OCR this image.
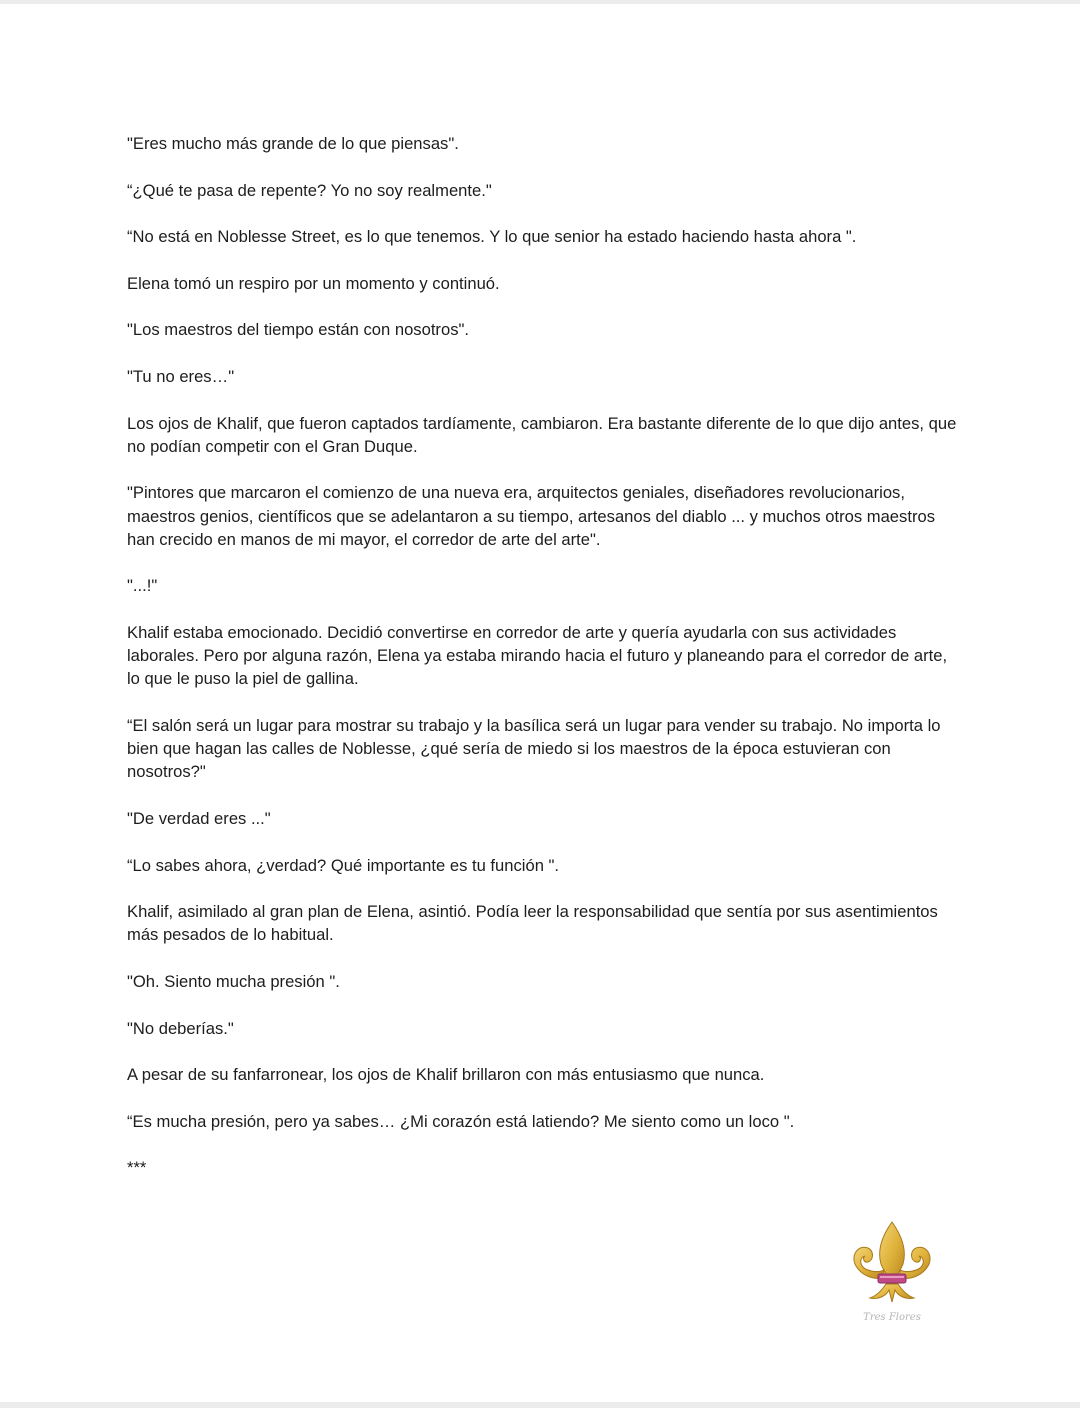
"Eres mucho más grande de lo que piensas".

“¿Qué te pasa de repente? Yo no soy realmente."

“No está en Noblesse Street, es lo que tenemos. Y lo que senior ha estado haciendo hasta ahora ".

Elena tomó un respiro por un momento y continuó.

"Los maestros del tiempo están con nosotros".

"Tu no eres…"

Los ojos de Khalif, que fueron captados tardíamente, cambiaron. Era bastante diferente de lo que dijo antes, que no podían competir con el Gran Duque.

"Pintores que marcaron el comienzo de una nueva era, arquitectos geniales, diseñadores revolucionarios, maestros genios, científicos que se adelantaron a su tiempo, artesanos del diablo ... y muchos otros maestros han crecido en manos de mi mayor, el corredor de arte del arte".

"...!"

Khalif estaba emocionado. Decidió convertirse en corredor de arte y quería ayudarla con sus actividades laborales. Pero por alguna razón, Elena ya estaba mirando hacia el futuro y planeando para el corredor de arte, lo que le puso la piel de gallina.

“El salón será un lugar para mostrar su trabajo y la basílica será un lugar para vender su trabajo. No importa lo bien que hagan las calles de Noblesse, ¿qué sería de miedo si los maestros de la época estuvieran con nosotros?"

"De verdad eres ..."

“Lo sabes ahora, ¿verdad? Qué importante es tu función ".

Khalif, asimilado al gran plan de Elena, asintió. Podía leer la responsabilidad que sentía por sus asentimientos más pesados de lo habitual.

"Oh. Siento mucha presión ".

"No deberías."

A pesar de su fanfarronear, los ojos de Khalif brillaron con más entusiasmo que nunca.

“Es mucha presión, pero ya sabes… ¿Mi corazón está latiendo? Me siento como un loco ".

***

Tres Flores
